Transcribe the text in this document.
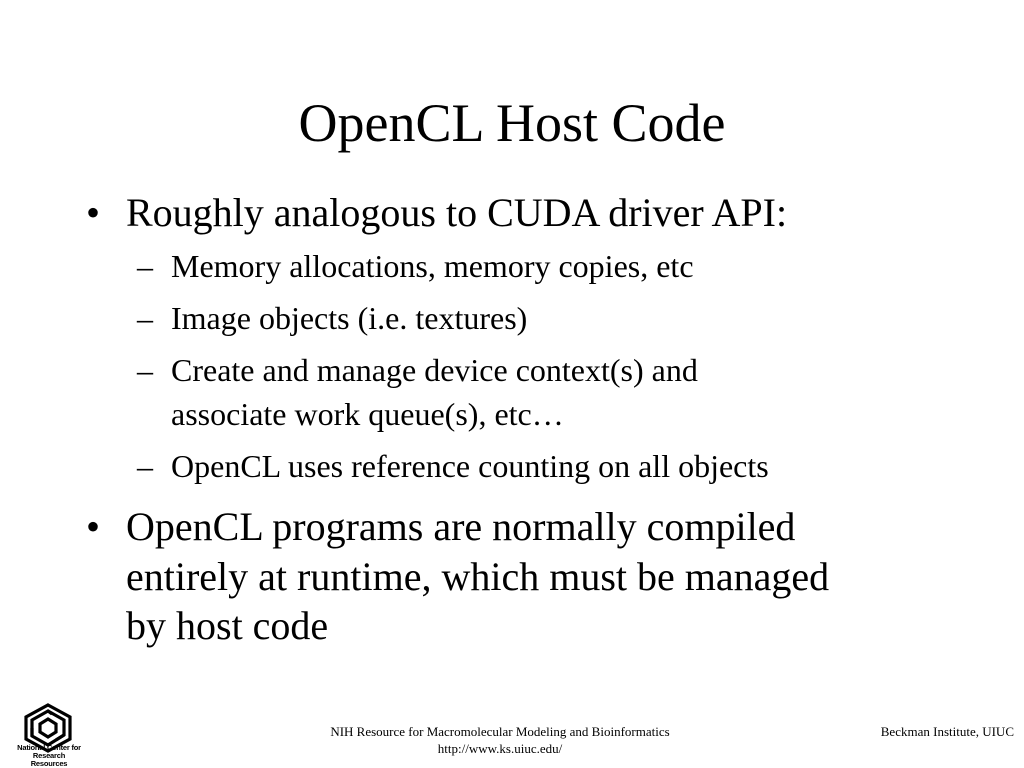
OpenCL Host Code
• Roughly analogous to CUDA driver API:
– Memory allocations, memory copies, etc
– Image objects (i.e. textures)
– Create and manage device context(s) and
associate work queue(s), etc…
– OpenCL uses reference counting on all objects
• OpenCL programs are normally compiled
entirely at runtime, which must be managed
by host code
National Center for
Research Resources
NIH Resource for Macromolecular Modeling and Bioinformatics
http://www.ks.uiuc.edu/
Beckman Institute, UIUC
